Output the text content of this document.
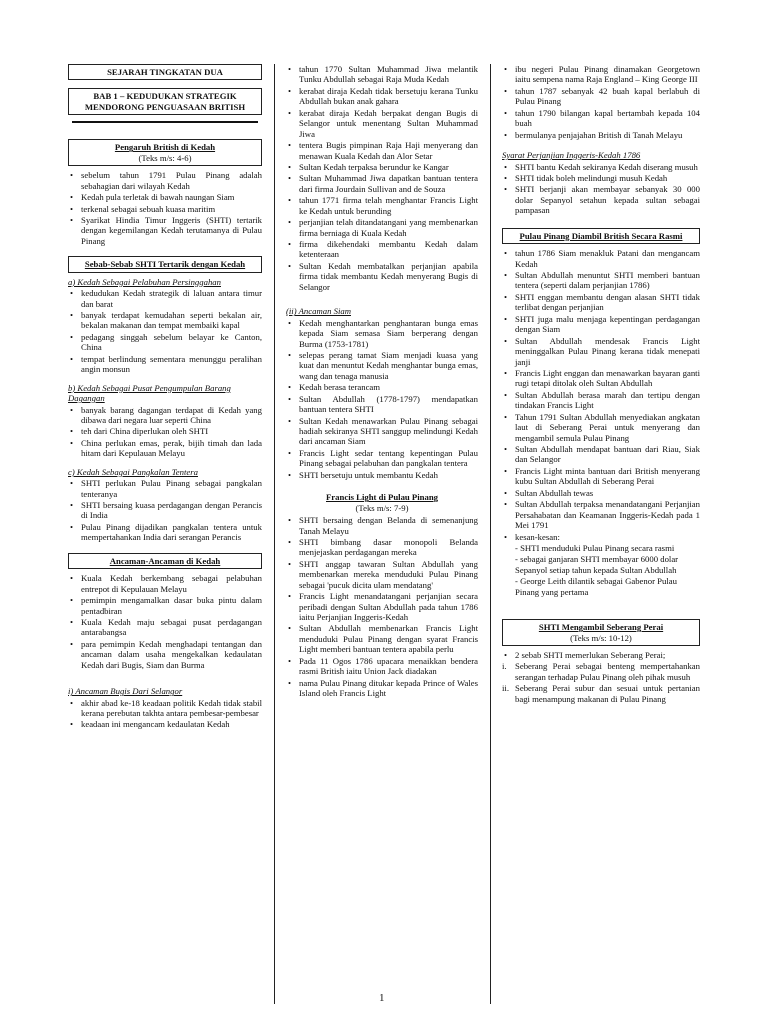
SEJARAH TINGKATAN DUA
BAB 1 – KEDUDUKAN STRATEGIK MENDORONG PENGUASAAN BRITISH
Pengaruh British di Kedah
(Teks m/s: 4-6)
• sebelum tahun 1791 Pulau Pinang adalah sebahagian dari wilayah Kedah
• Kedah pula terletak di bawah naungan Siam
• terkenal sebagai sebuah kuasa maritim
• Syarikat Hindia Timur Inggeris (SHTI) tertarik dengan kegemilangan Kedah terutamanya di Pulau Pinang
Sebab-Sebab SHTI Tertarik dengan Kedah
a) Kedah Sebagai Pelabuhan Persinggahan
• kedudukan Kedah strategik di laluan antara timur dan barat
• banyak terdapat kemudahan seperti bekalan air, bekalan makanan dan tempat membaiki kapal
• pedagang singgah sebelum belayar ke Canton, China
• tempat berlindung sementara menunggu peralihan angin monsun
b) Kedah Sebagai Pusat Pengumpulan Barang Dagangan
• banyak barang dagangan terdapat di Kedah yang dibawa dari negara luar seperti China
• teh dari China diperlukan oleh SHTI
• China perlukan emas, perak, bijih timah dan lada hitam dari Kepulauan Melayu
c) Kedah Sebagai Pangkalan Tentera
• SHTI perlukan Pulau Pinang sebagai pangkalan tenteranya
• SHTI bersaing kuasa perdagangan dengan Perancis di India
• Pulau Pinang dijadikan pangkalan tentera untuk mempertahankan India dari serangan Perancis
Ancaman-Ancaman di Kedah
• Kuala Kedah berkembang sebagai pelabuhan entrepot di Kepulauan Melayu
• pemimpin mengamalkan dasar buka pintu dalam pentadbiran
• Kuala Kedah maju sebagai pusat perdagangan antarabangsa
• para pemimpin Kedah menghadapi tentangan dan ancaman dalam usaha mengekalkan kedaulatan Kedah dari Bugis, Siam dan Burma
i) Ancaman Bugis Dari Selangor
• akhir abad ke-18 keadaan politik Kedah tidak stabil kerana perebutan takhta antara pembesar-pembesar
• keadaan ini mengancam kedaulatan Kedah
• tahun 1770 Sultan Muhammad Jiwa melantik Tunku Abdullah sebagai Raja Muda Kedah
• kerabat diraja Kedah tidak bersetuju kerana Tunku Abdullah bukan anak gahara
• kerabat diraja Kedah berpakat dengan Bugis di Selangor untuk menentang Sultan Muhammad Jiwa
• tentera Bugis pimpinan Raja Haji menyerang dan menawan Kuala Kedah dan Alor Setar
• Sultan Kedah terpaksa berundur ke Kangar
• Sultan Muhammad Jiwa dapatkan bantuan tentera dari firma Jourdain Sullivan and de Souza
• tahun 1771 firma telah menghantar Francis Light ke Kedah untuk berunding
• perjanjian telah ditandatangani yang membenarkan firma berniaga di Kuala Kedah
• firma dikehendaki membantu Kedah dalam ketenteraan
• Sultan Kedah membatalkan perjanjian apabila firma tidak membantu Kedah menyerang Bugis di Selangor
(ii) Ancaman Siam
• Kedah menghantarkan penghantaran bunga emas kepada Siam semasa Siam berperang dengan Burma (1753-1781)
• selepas perang tamat Siam menjadi kuasa yang kuat dan menuntut Kedah menghantar bunga emas, wang dan tenaga manusia
• Kedah berasa terancam
• Sultan Abdullah (1778-1797) mendapatkan bantuan tentera SHTI
• Sultan Kedah menawarkan Pulau Pinang sebagai hadiah sekiranya SHTI sanggup melindungi Kedah dari ancaman Siam
• Francis Light sedar tentang kepentingan Pulau Pinang sebagai pelabuhan dan pangkalan tentera
• SHTI bersetuju untuk membantu Kedah
Francis Light di Pulau Pinang
(Teks m/s: 7-9)
• SHTI bersaing dengan Belanda di semenanjung Tanah Melayu
• SHTI bimbang dasar monopoli Belanda menjejaskan perdagangan mereka
• SHTI anggap tawaran Sultan Abdullah yang membenarkan mereka menduduki Pulau Pinang sebagai 'pucuk dicita ulam mendatang'
• Francis Light menandatangani perjanjian secara peribadi dengan Sultan Abdullah pada tahun 1786 iaitu Perjanjian Inggeris-Kedah
• Sultan Abdullah membenarkan Francis Light menduduki Pulau Pinang dengan syarat Francis Light memberi bantuan tentera apabila perlu
• Pada 11 Ogos 1786 upacara menaikkan bendera rasmi British iaitu Union Jack diadakan
• nama Pulau Pinang ditukar kepada Prince of Wales Island oleh Francis Light
• ibu negeri Pulau Pinang dinamakan Georgetown iaitu sempena nama Raja England – King George III
• tahun 1787 sebanyak 42 buah kapal berlabuh di Pulau Pinang
• tahun 1790 bilangan kapal bertambah kepada 104 buah
• bermulanya penjajahan British di Tanah Melayu
Syarat Perjanjian Inggeris-Kedah 1786
• SHTI bantu Kedah sekiranya Kedah diserang musuh
• SHTI tidak boleh melindungi musuh Kedah
• SHTI berjanji akan membayar sebanyak 30 000 dolar Sepanyol setahun kepada sultan sebagai pampasan
Pulau Pinang Diambil British Secara Rasmi
• tahun 1786 Siam menakluk Patani dan mengancam Kedah
• Sultan Abdullah menuntut SHTI memberi bantuan tentera (seperti dalam perjanjian 1786)
• SHTI enggan membantu dengan alasan SHTI tidak terlibat dengan perjanjian
• SHTI juga malu menjaga kepentingan perdagangan dengan Siam
• Sultan Abdullah mendesak Francis Light meninggalkan Pulau Pinang kerana tidak menepati janji
• Francis Light enggan dan menawarkan bayaran ganti rugi tetapi ditolak oleh Sultan Abdullah
• Sultan Abdullah berasa marah dan tertipu dengan tindakan Francis Light
• Tahun 1791 Sultan Abdullah menyediakan angkatan laut di Seberang Perai untuk menyerang dan mengambil semula Pulau Pinang
• Sultan Abdullah mendapat bantuan dari Riau, Siak dan Selangor
• Francis Light minta bantuan dari British menyerang kubu Sultan Abdullah di Seberang Perai
• Sultan Abdullah tewas
• Sultan Abdullah terpaksa menandatangani Perjanjian Persahabatan dan Keamanan Inggeris-Kedah pada 1 Mei 1791
• kesan-kesan:
- SHTI menduduki Pulau Pinang secara rasmi
- sebagai ganjaran SHTI membayar 6000 dolar Sepanyol setiap tahun kepada Sultan Abdullah
- George Leith dilantik sebagai Gabenor Pulau Pinang yang pertama
SHTI Mengambil Seberang Perai
(Teks m/s: 10-12)
• 2 sebab SHTI memerlukan Seberang Perai;
i. Seberang Perai sebagai benteng mempertahankan serangan terhadap Pulau Pinang oleh pihak musuh
ii. Seberang Perai subur dan sesuai untuk pertanian bagi menampung makanan di Pulau Pinang
1
